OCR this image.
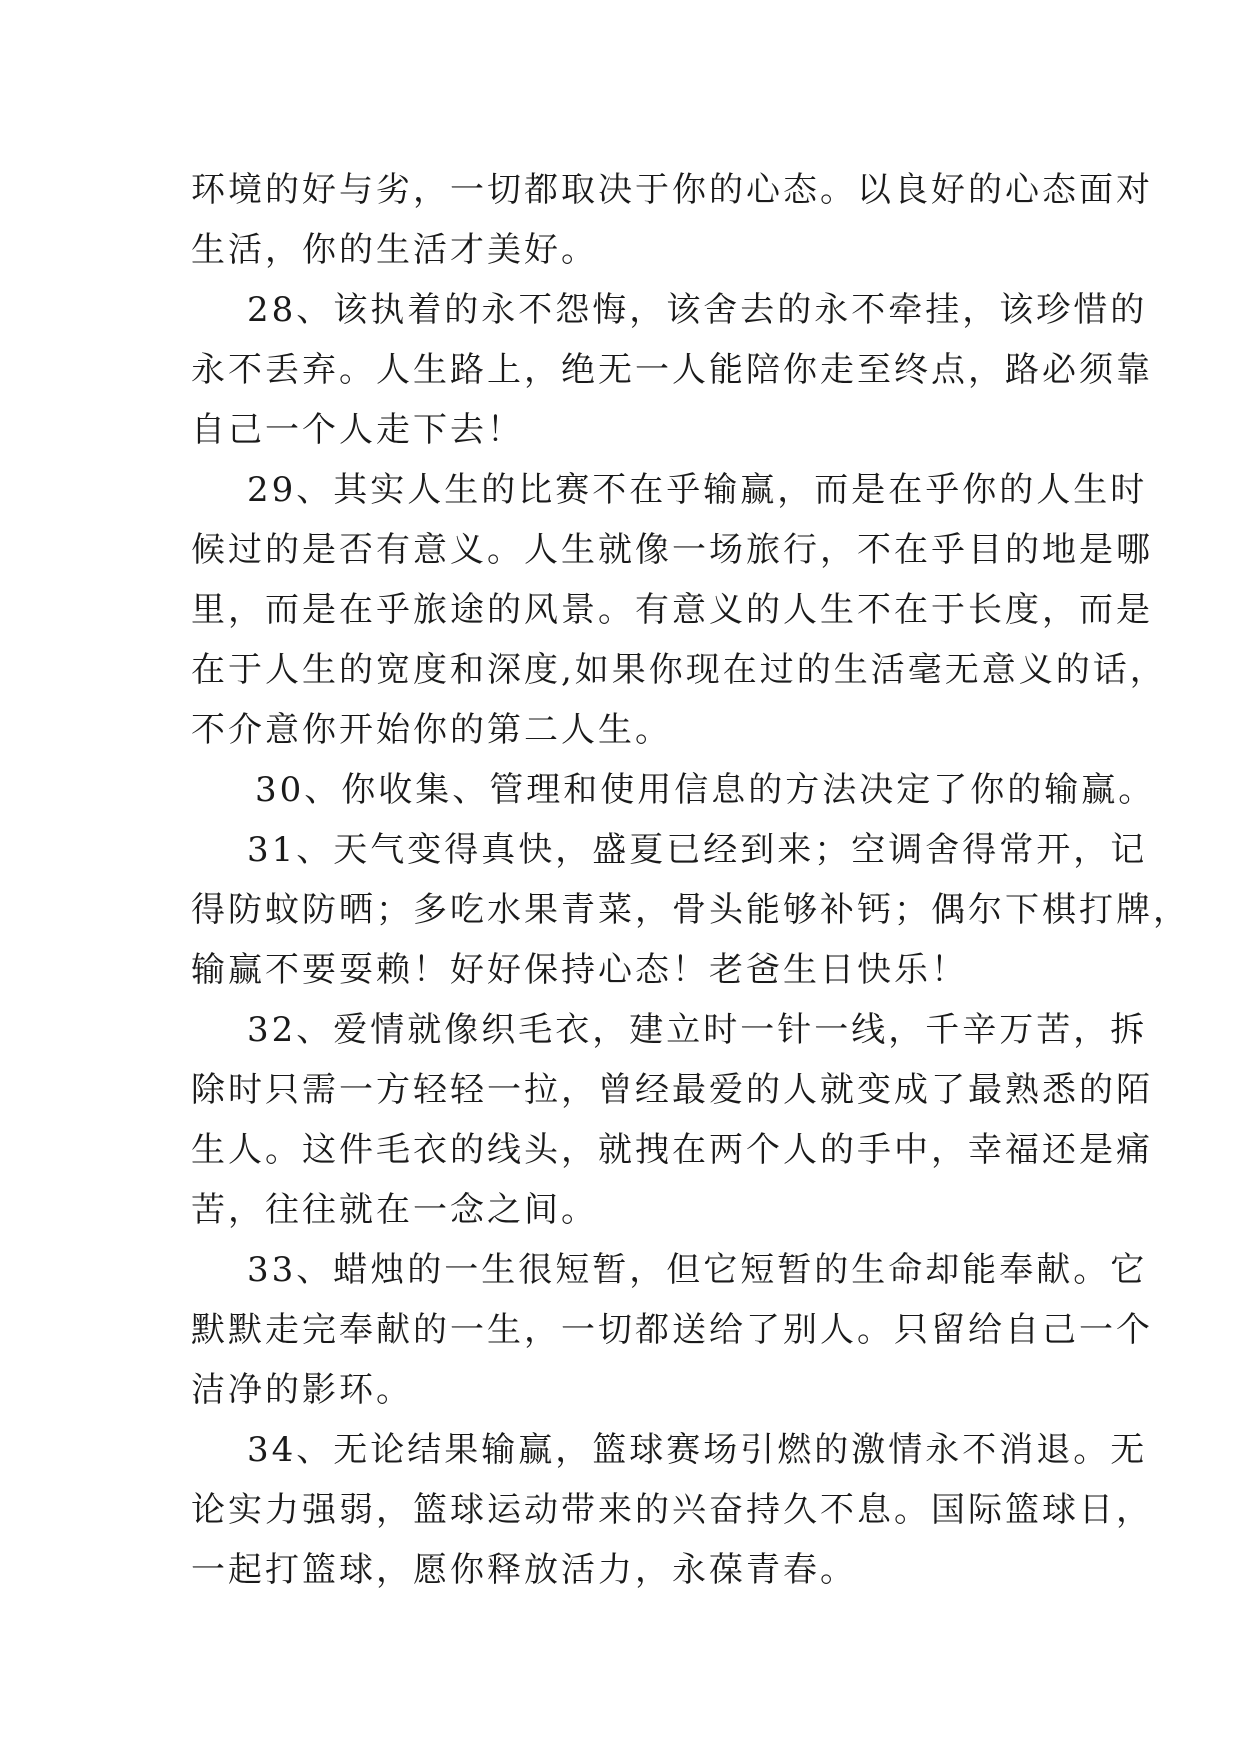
环境的好与劣，一切都取决于你的心态。以良好的心态面对
生活，你的生活才美好。
28、该执着的永不怨悔，该舍去的永不牵挂，该珍惜的
永不丢弃。人生路上，绝无一人能陪你走至终点，路必须靠
自己一个人走下去！
29、其实人生的比赛不在乎输赢，而是在乎你的人生时
候过的是否有意义。人生就像一场旅行，不在乎目的地是哪
里，而是在乎旅途的风景。有意义的人生不在于长度，而是
在于人生的宽度和深度,如果你现在过的生活毫无意义的话，
不介意你开始你的第二人生。
30、你收集、管理和使用信息的方法决定了你的输赢。
31、天气变得真快，盛夏已经到来；空调舍得常开，记
得防蚊防晒；多吃水果青菜，骨头能够补钙；偶尔下棋打牌，
输赢不要耍赖！好好保持心态！老爸生日快乐！
32、爱情就像织毛衣，建立时一针一线，千辛万苦，拆
除时只需一方轻轻一拉，曾经最爱的人就变成了最熟悉的陌
生人。这件毛衣的线头，就拽在两个人的手中，幸福还是痛
苦，往往就在一念之间。
33、蜡烛的一生很短暂，但它短暂的生命却能奉献。它
默默走完奉献的一生，一切都送给了别人。只留给自己一个
洁净的影环。
34、无论结果输赢，篮球赛场引燃的激情永不消退。无
论实力强弱，篮球运动带来的兴奋持久不息。国际篮球日，
一起打篮球，愿你释放活力，永葆青春。
